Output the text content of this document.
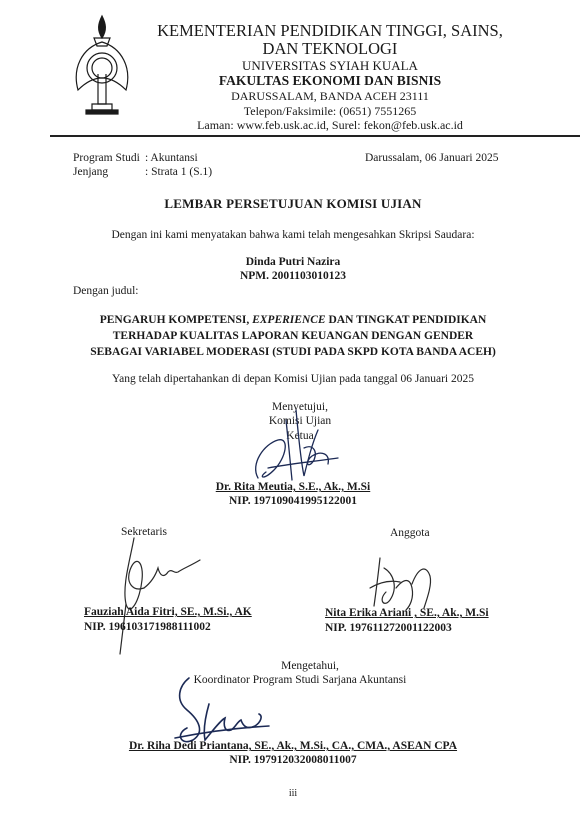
KEMENTERIAN PENDIDIKAN TINGGI, SAINS,
DAN TEKNOLOGI
UNIVERSITAS SYIAH KUALA
FAKULTAS EKONOMI DAN BISNIS
DARUSSALAM, BANDA ACEH 23111
Telepon/Faksimile: (0651) 7551265
Laman: www.feb.usk.ac.id, Surel: fekon@feb.usk.ac.id
Program Studi : Akuntansi
Jenjang	: Strata 1 (S.1)
Darussalam, 06 Januari 2025
LEMBAR PERSETUJUAN KOMISI UJIAN
Dengan ini kami menyatakan bahwa kami telah mengesahkan Skripsi Saudara:
Dinda Putri Nazira
NPM. 2001103010123
Dengan judul:
PENGARUH KOMPETENSI, EXPERIENCE DAN TINGKAT PENDIDIKAN
TERHADAP KUALITAS LAPORAN KEUANGAN DENGAN GENDER
SEBAGAI VARIABEL MODERASI (STUDI PADA SKPD KOTA BANDA ACEH)
Yang telah dipertahankan di depan Komisi Ujian pada tanggal 06 Januari 2025
Menyetujui,
Komisi Ujian
Ketua
Dr. Rita Meutia, S.E., Ak., M.Si
NIP. 197109041995122001
Sekretaris
Fauziah Aida Fitri, SE., M.Si., AK
NIP. 196103171988111002
Anggota
Nita Erika Ariani , SE., Ak., M.Si
NIP. 197611272001122003
Mengetahui,
Koordinator Program Studi Sarjana Akuntansi
Dr. Riha Dedi Priantana, SE., Ak., M.Si., CA., CMA., ASEAN CPA
NIP. 197912032008011007
iii
